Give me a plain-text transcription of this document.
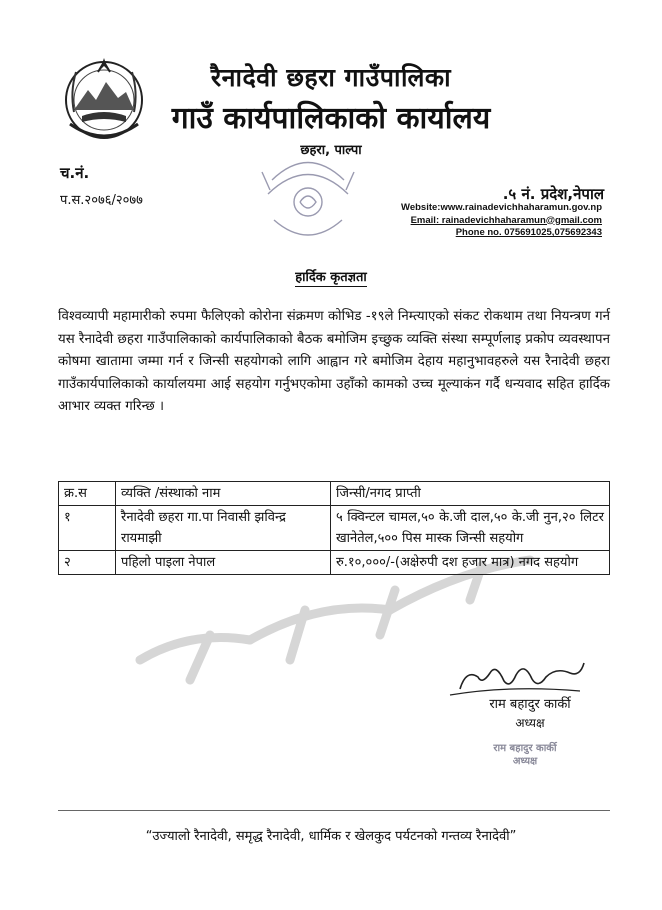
रैनादेवी छहरा गाउँपालिका
गाउँ कार्यपालिकाको कार्यालय
छहरा, पाल्पा
च.नं.
प.स.२०७६/२०७७	.५ नं. प्रदेश,नेपाल
Website:www.rainadevichhaharamun.gov.np
Email: rainadevichhaharamun@gmail.com
Phone no. 075691025,075692343
हार्दिक कृतज्ञता
विश्वव्यापी महामारीको रुपमा फैलिएको कोरोना संक्रमण कोभिड -१९ले निम्त्याएको संकट रोकथाम तथा नियन्त्रण गर्न यस रैनादेवी छहरा गाउँपालिकाको कार्यपालिकाको बैठक बमोजिम इच्छुक व्यक्ति संस्था सम्पूर्णलाइ प्रकोप व्यवस्थापन कोषमा खातामा जम्मा गर्न र जिन्सी सहयोगको लागि आह्वान गरे बमोजिम देहाय महानुभावहरुले यस रैनादेवी छहरा गाउँकार्यपालिकाको कार्यालयमा आई सहयोग गर्नुभएकोमा उहाँको कामको उच्च मूल्याकंन गर्दै धन्यवाद सहित हार्दिक आभार व्यक्त गरिन्छ ।
क्र.स	व्यक्ति /संस्थाको नाम	जिन्सी/नगद प्राप्ती
१	रैनादेवी छहरा गा.पा निवासी झविन्द्र रायमाझी	५ क्विन्टल चामल,५० के.जी दाल,५० के.जी नुन,२० लिटर खानेतेल,५०० पिस मास्क जिन्सी सहयोग
२	पहिलो पाइला नेपाल	रु.१०,०००/-(अक्षेरुपी दश हजार मात्र) नगद सहयोग
राम बहादुर कार्की
अध्यक्ष
राम बहादुर कार्की
अध्यक्ष
“उज्यालो रैनादेवी, समृद्ध रैनादेवी, धार्मिक र खेलकुद पर्यटनको गन्तव्य रैनादेवी”
